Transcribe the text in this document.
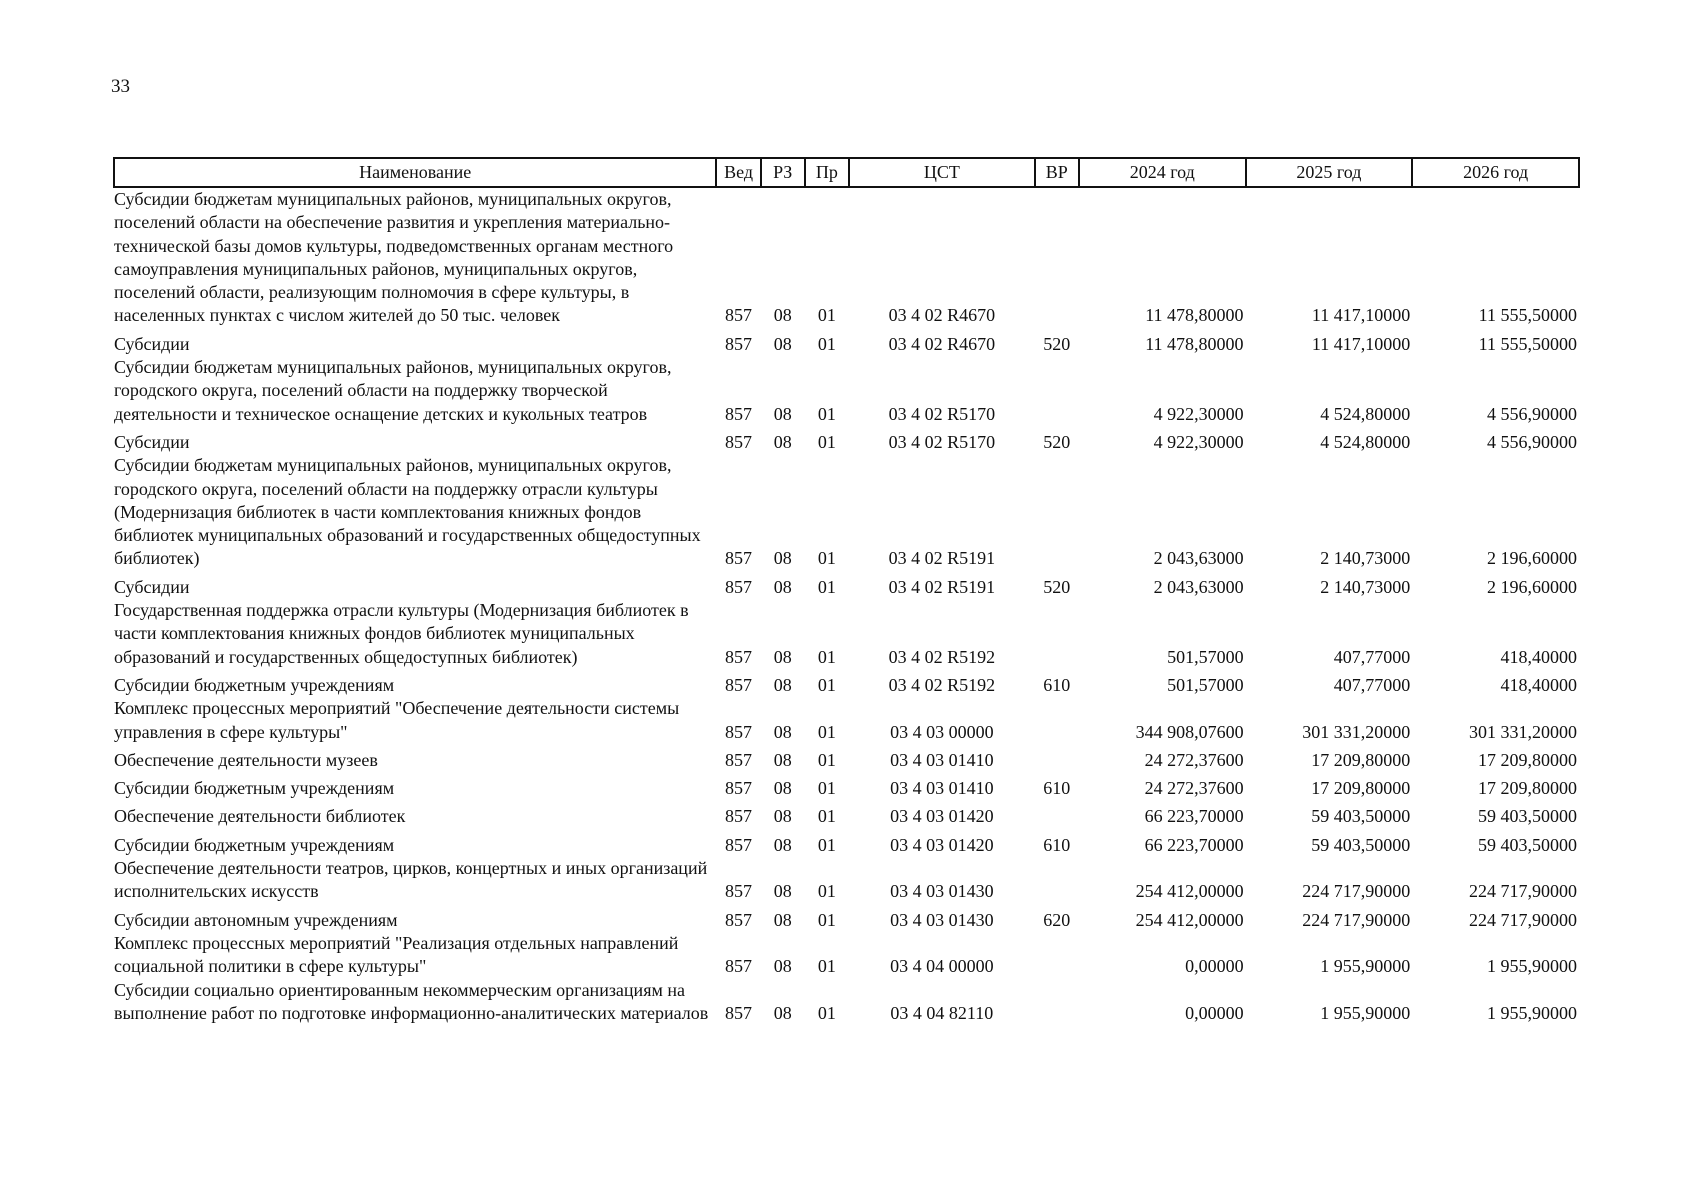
33
Наименование	Вед	РЗ	Пр	ЦСТ	ВР	2024 год	2025 год	2026 год
Субсидии бюджетам муниципальных районов, муниципальных округов, поселений области на обеспечение развития и укрепления материально-технической базы домов культуры, подведомственных органам местного самоуправления муниципальных районов, муниципальных округов, поселений области, реализующим полномочия в сфере культуры, в населенных пунктах с числом жителей до 50 тыс. человек	857	08	01	03 4 02 R4670		11 478,80000	11 417,10000	11 555,50000
Субсидии	857	08	01	03 4 02 R4670	520	11 478,80000	11 417,10000	11 555,50000
Субсидии бюджетам муниципальных районов, муниципальных округов, городского округа, поселений области на поддержку творческой деятельности и техническое оснащение детских и кукольных театров	857	08	01	03 4 02 R5170		4 922,30000	4 524,80000	4 556,90000
Субсидии	857	08	01	03 4 02 R5170	520	4 922,30000	4 524,80000	4 556,90000
Субсидии бюджетам муниципальных районов, муниципальных округов, городского округа, поселений области на поддержку отрасли культуры (Модернизация библиотек в части комплектования книжных фондов библиотек муниципальных образований и государственных общедоступных библиотек)	857	08	01	03 4 02 R5191		2 043,63000	2 140,73000	2 196,60000
Субсидии	857	08	01	03 4 02 R5191	520	2 043,63000	2 140,73000	2 196,60000
Государственная поддержка отрасли культуры (Модернизация библиотек в части комплектования книжных фондов библиотек муниципальных образований и государственных общедоступных библиотек)	857	08	01	03 4 02 R5192		501,57000	407,77000	418,40000
Субсидии бюджетным учреждениям	857	08	01	03 4 02 R5192	610	501,57000	407,77000	418,40000
Комплекс процессных мероприятий "Обеспечение деятельности системы управления в сфере культуры"	857	08	01	03 4 03 00000		344 908,07600	301 331,20000	301 331,20000
Обеспечение деятельности музеев	857	08	01	03 4 03 01410		24 272,37600	17 209,80000	17 209,80000
Субсидии бюджетным учреждениям	857	08	01	03 4 03 01410	610	24 272,37600	17 209,80000	17 209,80000
Обеспечение деятельности библиотек	857	08	01	03 4 03 01420		66 223,70000	59 403,50000	59 403,50000
Субсидии бюджетным учреждениям	857	08	01	03 4 03 01420	610	66 223,70000	59 403,50000	59 403,50000
Обеспечение деятельности театров, цирков, концертных и иных организаций исполнительских искусств	857	08	01	03 4 03 01430		254 412,00000	224 717,90000	224 717,90000
Субсидии автономным учреждениям	857	08	01	03 4 03 01430	620	254 412,00000	224 717,90000	224 717,90000
Комплекс процессных мероприятий "Реализация отдельных направлений социальной политики в сфере культуры"	857	08	01	03 4 04 00000		0,00000	1 955,90000	1 955,90000
Субсидии социально ориентированным некоммерческим организациям на выполнение работ по подготовке информационно-аналитических материалов	857	08	01	03 4 04 82110		0,00000	1 955,90000	1 955,90000
